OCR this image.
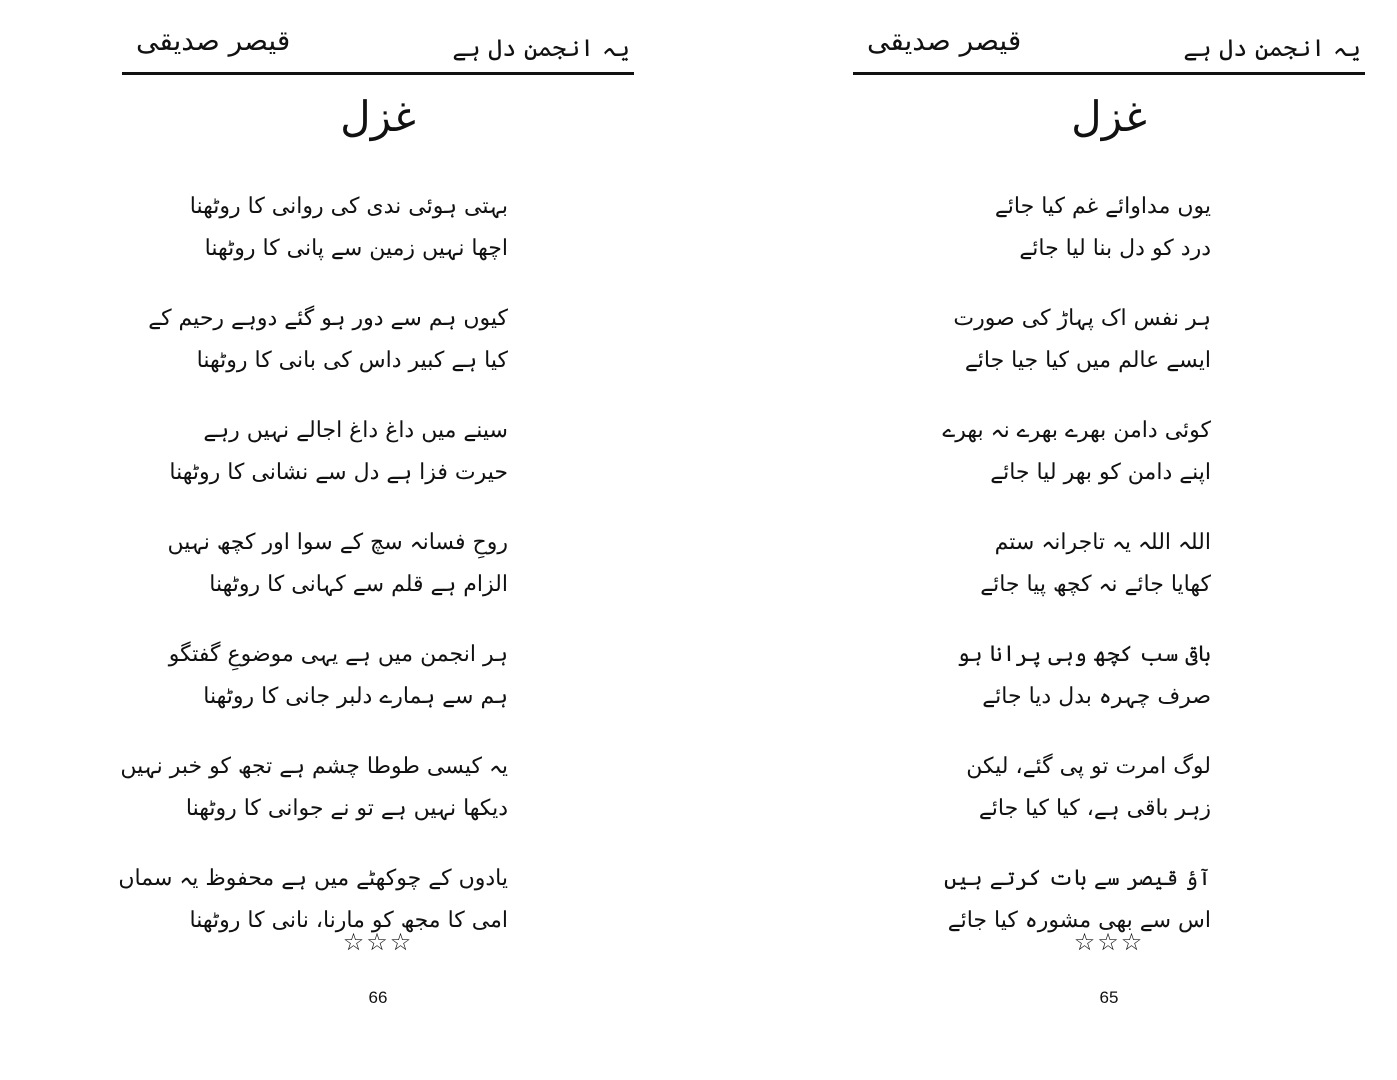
قیصر صدیقی	یہ انجمن دل ہے
غزل
بہتی ہوئی ندی کی روانی کا روٹھنا
اچھا نہیں زمین سے پانی کا روٹھنا
کیوں ہم سے دور ہو گئے دوہے رحیم کے
کیا ہے کبیر داس کی بانی کا روٹھنا
سینے میں داغ داغ اجالے نہیں رہے
حیرت فزا ہے دل سے نشانی کا روٹھنا
روحِ فسانہ سچ کے سوا اور کچھ نہیں
الزام ہے قلم سے کہانی کا روٹھنا
ہر انجمن میں ہے یہی موضوعِ گفتگو
ہم سے ہمارے دلبر جانی کا روٹھنا
یہ کیسی طوطا چشم ہے تجھ کو خبر نہیں
دیکھا نہیں ہے تو نے جوانی کا روٹھنا
یادوں کے چوکھٹے میں ہے محفوظ یہ سماں
امی کا مجھ کو مارنا، نانی کا روٹھنا
☆☆☆
66
قیصر صدیقی	یہ انجمن دل ہے
غزل
یوں مداوائے غم کیا جائے
درد کو دل بنا لیا جائے
ہر نفس اک پہاڑ کی صورت
ایسے عالم میں کیا جیا جائے
کوئی دامن بھرے بھرے نہ بھرے
اپنے دامن کو بھر لیا جائے
اللہ اللہ یہ تاجرانہ ستم
کھایا جائے نہ کچھ پیا جائے
باقی سب کچھ وہی پرانا ہو
صرف چہرہ بدل دیا جائے
لوگ امرت تو پی گئے، لیکن
زہر باقی ہے، کیا کیا جائے
آؤ قیصر سے بات کرتے ہیں
اس سے بھی مشورہ کیا جائے
☆☆☆
65
